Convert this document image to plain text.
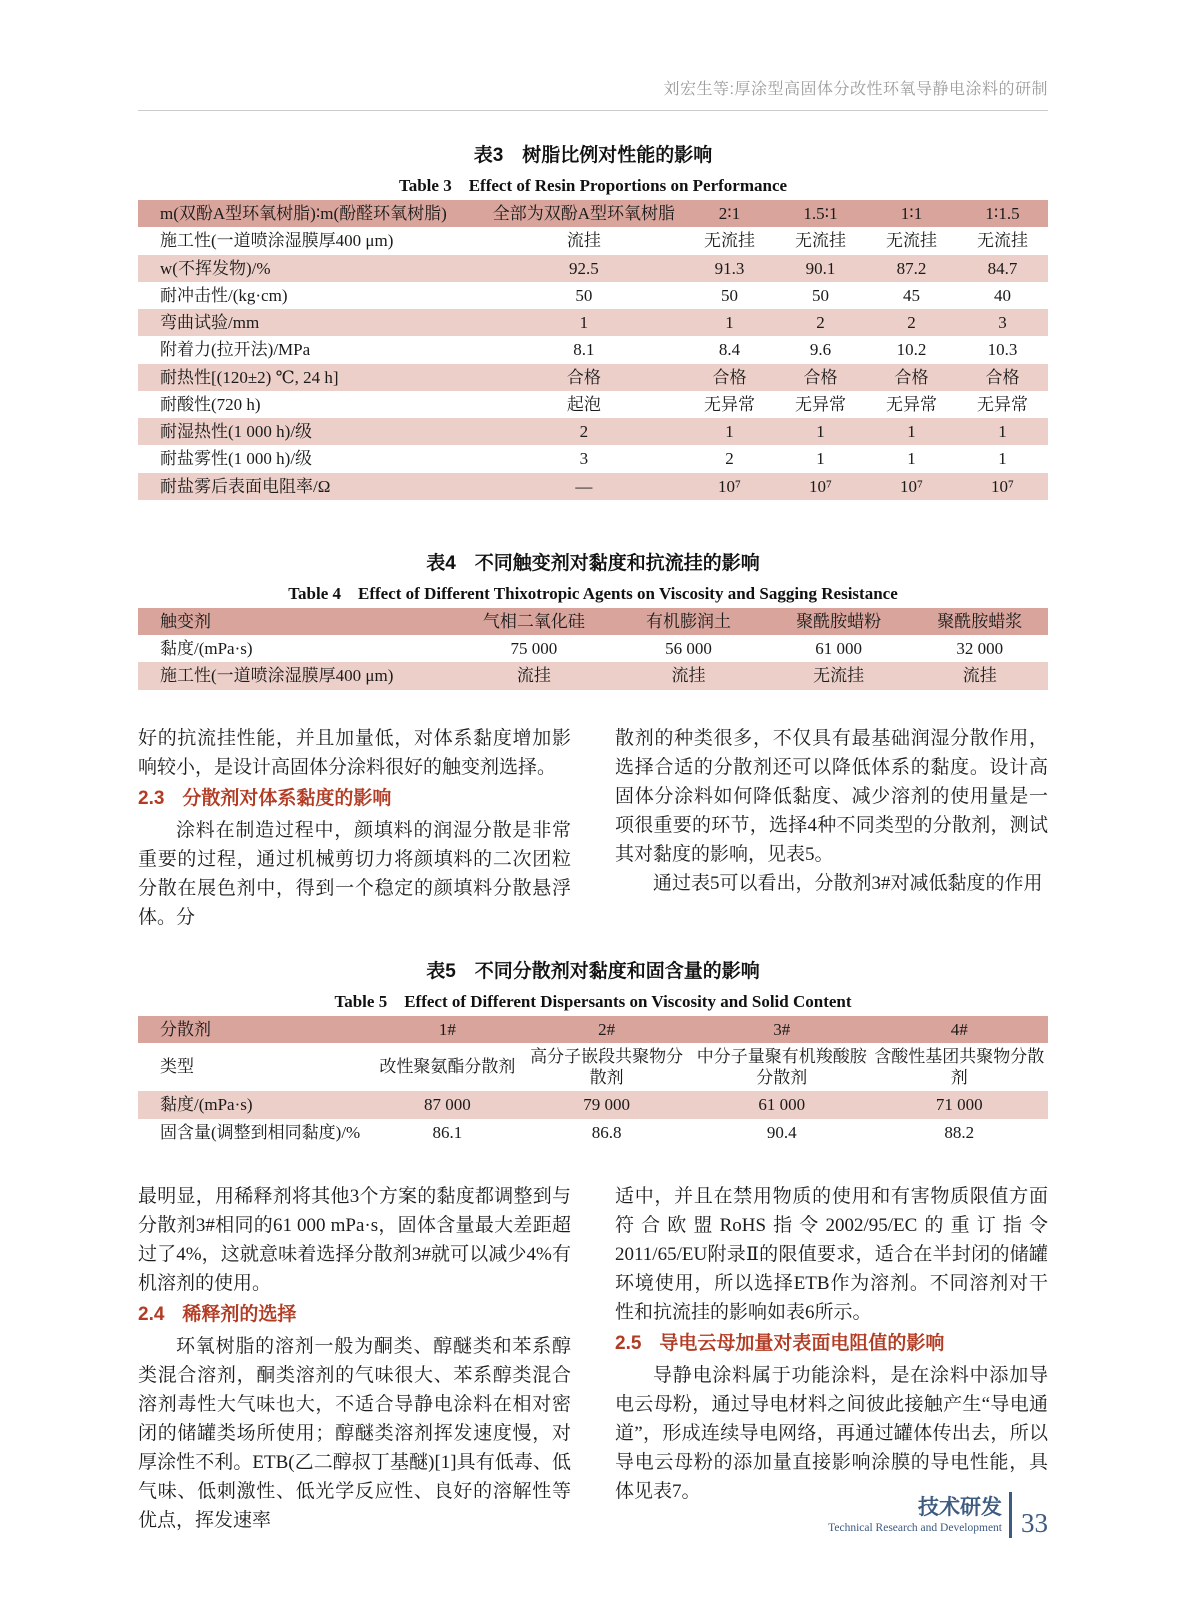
刘宏生等:厚涂型高固体分改性环氧导静电涂料的研制
表3　树脂比例对性能的影响
Table 3　Effect of Resin Proportions on Performance
m(双酚A型环氧树脂)∶m(酚醛环氧树脂)	全部为双酚A型环氧树脂	2∶1	1.5∶1	1∶1	1∶1.5
施工性(一道喷涂湿膜厚400 μm)	流挂	无流挂	无流挂	无流挂	无流挂
w(不挥发物)/%	92.5	91.3	90.1	87.2	84.7
耐冲击性/(kg·cm)	50	50	50	45	40
弯曲试验/mm	1	1	2	2	3
附着力(拉开法)/MPa	8.1	8.4	9.6	10.2	10.3
耐热性[(120±2) ℃, 24 h]	合格	合格	合格	合格	合格
耐酸性(720 h)	起泡	无异常	无异常	无异常	无异常
耐湿热性(1 000 h)/级	2	1	1	1	1
耐盐雾性(1 000 h)/级	3	2	1	1	1
耐盐雾后表面电阻率/Ω	—	10⁷	10⁷	10⁷	10⁷
表4　不同触变剂对黏度和抗流挂的影响
Table 4　Effect of Different Thixotropic Agents on Viscosity and Sagging Resistance
触变剂	气相二氧化硅	有机膨润土	聚酰胺蜡粉	聚酰胺蜡浆
黏度/(mPa·s)	75 000	56 000	61 000	32 000
施工性(一道喷涂湿膜厚400 μm)	流挂	流挂	无流挂	流挂

好的抗流挂性能，并且加量低，对体系黏度增加影响较小，是设计高固体分涂料很好的触变剂选择。

2.3 分散剂对体系黏度的影响

涂料在制造过程中，颜填料的润湿分散是非常重要的过程，通过机械剪切力将颜填料的二次团粒分散在展色剂中，得到一个稳定的颜填料分散悬浮体。分

散剂的种类很多，不仅具有最基础润湿分散作用，选择合适的分散剂还可以降低体系的黏度。设计高固体分涂料如何降低黏度、减少溶剂的使用量是一项很重要的环节，选择4种不同类型的分散剂，测试其对黏度的影响，见表5。

通过表5可以看出，分散剂3#对减低黏度的作用

表5　不同分散剂对黏度和固含量的影响
Table 5　Effect of Different Dispersants on Viscosity and Solid Content
分散剂	1#	2#	3#	4#
类型	改性聚氨酯分散剂	高分子嵌段共聚物分散剂	中分子量聚有机羧酸胺分散剂	含酸性基团共聚物分散剂
黏度/(mPa·s)	87 000	79 000	61 000	71 000
固含量(调整到相同黏度)/%	86.1	86.8	90.4	88.2

最明显，用稀释剂将其他3个方案的黏度都调整到与分散剂3#相同的61 000 mPa·s，固体含量最大差距超过了4%，这就意味着选择分散剂3#就可以减少4%有机溶剂的使用。

2.4 稀释剂的选择

环氧树脂的溶剂一般为酮类、醇醚类和苯系醇类混合溶剂，酮类溶剂的气味很大、苯系醇类混合溶剂毒性大气味也大，不适合导静电涂料在相对密闭的储罐类场所使用；醇醚类溶剂挥发速度慢，对厚涂性不利。ETB(乙二醇叔丁基醚)[1]具有低毒、低气味、低刺激性、低光学反应性、良好的溶解性等优点，挥发速率

适中，并且在禁用物质的使用和有害物质限值方面符合欧盟RoHS指令2002/95/EC的重订指令2011/65/EU附录Ⅱ的限值要求，适合在半封闭的储罐环境使用，所以选择ETB作为溶剂。不同溶剂对干性和抗流挂的影响如表6所示。

2.5 导电云母加量对表面电阻值的影响

导静电涂料属于功能涂料，是在涂料中添加导电云母粉，通过导电材料之间彼此接触产生“导电通道”，形成连续导电网络，再通过罐体传出去，所以导电云母粉的添加量直接影响涂膜的导电性能，具体见表7。

技术研发
Technical Research and Development 33
